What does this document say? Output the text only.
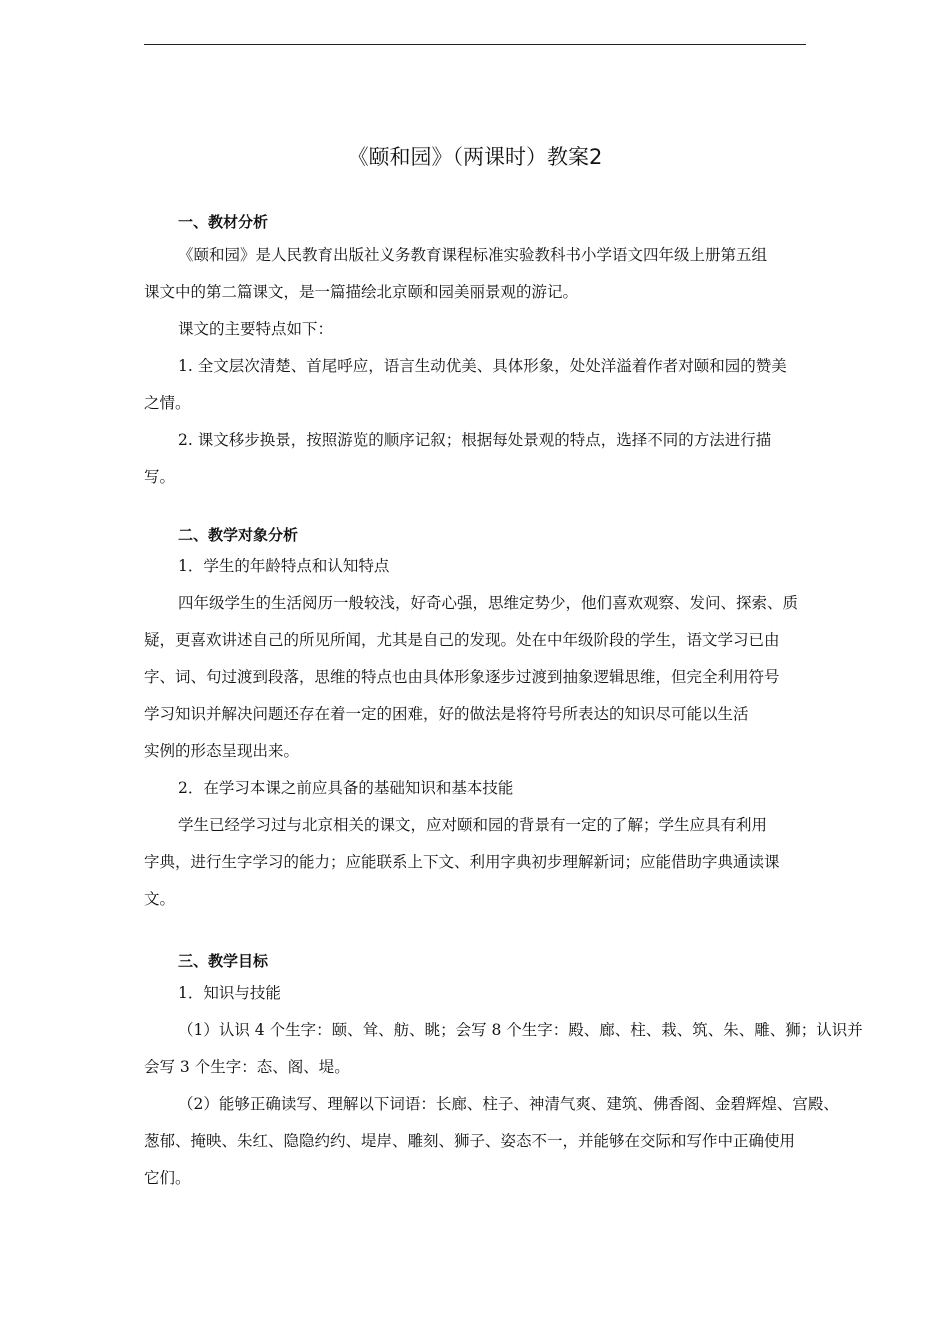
《颐和园》（两课时）教案2
一、教材分析
《颐和园》是人民教育出版社义务教育课程标准实验教科书小学语文四年级上册第五组
课文中的第二篇课文，是一篇描绘北京颐和园美丽景观的游记。
课文的主要特点如下：
1. 全文层次清楚、首尾呼应，语言生动优美、具体形象，处处洋溢着作者对颐和园的赞美
之情。
2. 课文移步换景，按照游览的顺序记叙；根据每处景观的特点，选择不同的方法进行描
写。
二、教学对象分析
1．学生的年龄特点和认知特点
四年级学生的生活阅历一般较浅，好奇心强，思维定势少，他们喜欢观察、发问、探索、质
疑，更喜欢讲述自己的所见所闻，尤其是自己的发现。处在中年级阶段的学生，语文学习已由
字、词、句过渡到段落，思维的特点也由具体形象逐步过渡到抽象逻辑思维，但完全利用符号
学习知识并解决问题还存在着一定的困难，好的做法是将符号所表达的知识尽可能以生活
实例的形态呈现出来。
2．在学习本课之前应具备的基础知识和基本技能
学生已经学习过与北京相关的课文，应对颐和园的背景有一定的了解；学生应具有利用
字典，进行生字学习的能力；应能联系上下文、利用字典初步理解新词；应能借助字典通读课
文。
三、教学目标
1．知识与技能
（1）认识 4 个生字：颐、耸、舫、眺；会写 8 个生字：殿、廊、柱、栽、筑、朱、雕、狮；认识并
会写 3 个生字：态、阁、堤。
（2）能够正确读写、理解以下词语：长廊、柱子、神清气爽、建筑、佛香阁、金碧辉煌、宫殿、
葱郁、掩映、朱红、隐隐约约、堤岸、雕刻、狮子、姿态不一，并能够在交际和写作中正确使用
它们。
